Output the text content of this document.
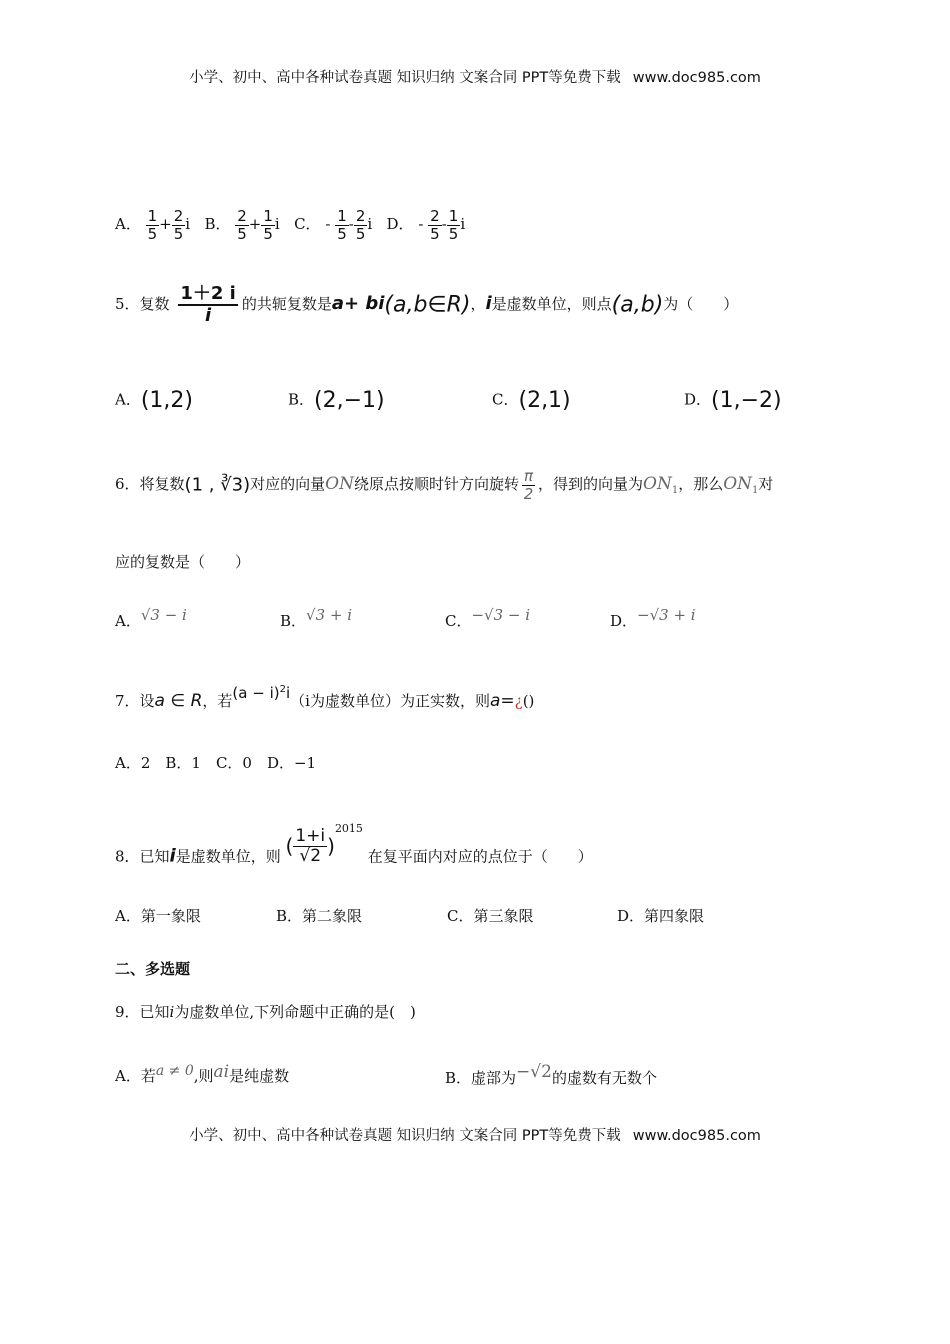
小学、初中、高中各种试卷真题 知识归纳 文案合同 PPT等免费下载 www.doc985.com
A． $\frac{1}{5} + \frac{2}{5}$ i B． $\frac{2}{5} + \frac{1}{5}$ i C． - $\frac{1}{5} - \frac{2}{5}$ i D． - $\frac{2}{5} - \frac{1}{5}$ i
5．复数 $\frac{1+2 i}{i}$ 的共轭复数是a+ bi(a,b∈R)，i是虚数单位，则点(a,b)为（　　）
A．(1,2)	B．(2,−1)	C．(2,1)	D．(1,−2)
6．将复数(1 , ∛3)对应的向量ON绕原点按顺时针方向旋转 $\frac{\pi}{2}$ ，得到的向量为$ON_1$，那么$ON_1$对
应的复数是（　　）
A．√3 − i	B．√3 + i	C．−√3 − i	D．−√3 + i
7．设a ∈ R，若$(a - i)^2i(i$为虚数单位）为正实数，则a=¿()
A．2　B．1　C．0　D．−1
8．已知i是虚数单位，则 ( $\frac{1+i}{√2} )^{2015}$ 在复平面内对应的点位于（　　）
A．第一象限	B．第二象限	C．第三象限	D．第四象限
二、多选题
9．已知i为虚数单位,下列命题中正确的是(　)
A．若a ≠ 0,则ai是纯虚数	B．虚部为−√2的虚数有无数个
小学、初中、高中各种试卷真题 知识归纳 文案合同 PPT等免费下载 www.doc985.com
